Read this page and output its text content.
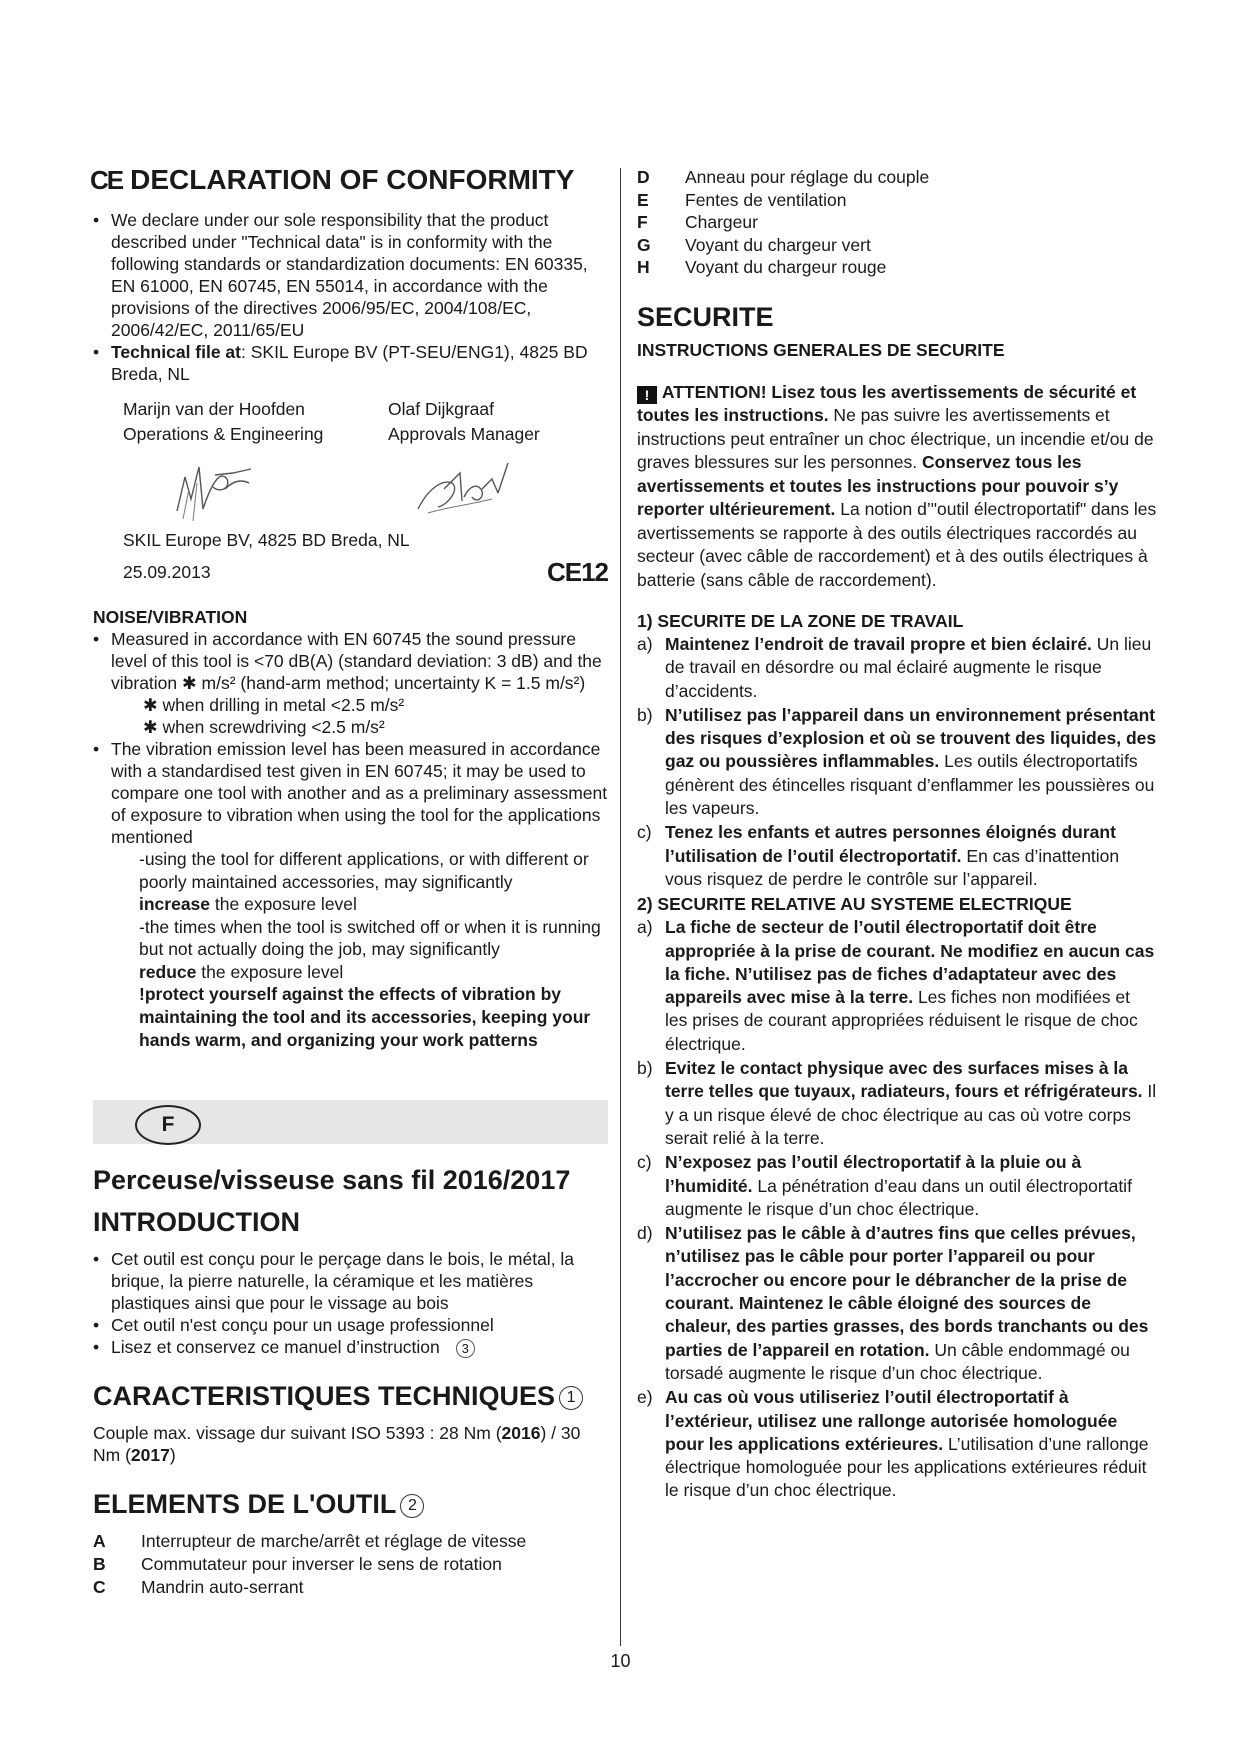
CE DECLARATION OF CONFORMITY
• We declare under our sole responsibility that the product described under "Technical data" is in conformity with the following standards or standardization documents: EN 60335, EN 61000, EN 60745, EN 55014, in accordance with the provisions of the directives 2006/95/EC, 2004/108/EC, 2006/42/EC, 2011/65/EU
• Technical file at: SKIL Europe BV (PT-SEU/ENG1), 4825 BD Breda, NL
Marijn van der Hoofden
Operations & Engineering
Olaf Dijkgraaf
Approvals Manager
SKIL Europe BV, 4825 BD Breda, NL
25.09.2013	CE12
NOISE/VIBRATION
• Measured in accordance with EN 60745 the sound pressure level of this tool is <70 dB(A) (standard deviation: 3 dB) and the vibration ✱ m/s² (hand-arm method; uncertainty K = 1.5 m/s²)
✱ when drilling in metal <2.5 m/s²
✱ when screwdriving <2.5 m/s²
• The vibration emission level has been measured in accordance with a standardised test given in EN 60745; it may be used to compare one tool with another and as a preliminary assessment of exposure to vibration when using the tool for the applications mentioned
-using the tool for different applications, or with different or poorly maintained accessories, may significantly
increase the exposure level
-the times when the tool is switched off or when it is running but not actually doing the job, may significantly
reduce the exposure level
!protect yourself against the effects of vibration by maintaining the tool and its accessories, keeping your hands warm, and organizing your work patterns
F
Perceuse/visseuse sans fil 2016/2017
INTRODUCTION
• Cet outil est conçu pour le perçage dans le bois, le métal, la brique, la pierre naturelle, la céramique et les matières plastiques ainsi que pour le vissage au bois
• Cet outil n'est conçu pour un usage professionnel
• Lisez et conservez ce manuel d’instruction 3
CARACTERISTIQUES TECHNIQUES 1
Couple max. vissage dur suivant ISO 5393 : 28 Nm (2016) / 30 Nm (2017)
ELEMENTS DE L'OUTIL 2
A	Interrupteur de marche/arrêt et réglage de vitesse
B	Commutateur pour inverser le sens de rotation
C	Mandrin auto-serrant
D	Anneau pour réglage du couple
E	Fentes de ventilation
F	Chargeur
G	Voyant du chargeur vert
H	Voyant du chargeur rouge
SECURITE
INSTRUCTIONS GENERALES DE SECURITE
! ATTENTION! Lisez tous les avertissements de sécurité et toutes les instructions. Ne pas suivre les avertissements et instructions peut entraîner un choc électrique, un incendie et/ou de graves blessures sur les personnes. Conservez tous les avertissements et toutes les instructions pour pouvoir s’y reporter ultérieurement. La notion d’"outil électroportatif" dans les avertissements se rapporte à des outils électriques raccordés au secteur (avec câble de raccordement) et à des outils électriques à batterie (sans câble de raccordement).
1) SECURITE DE LA ZONE DE TRAVAIL
a) Maintenez l’endroit de travail propre et bien éclairé. Un lieu de travail en désordre ou mal éclairé augmente le risque d’accidents.
b) N’utilisez pas l’appareil dans un environnement présentant des risques d’explosion et où se trouvent des liquides, des gaz ou poussières inflammables. Les outils électroportatifs génèrent des étincelles risquant d’enflammer les poussières ou les vapeurs.
c) Tenez les enfants et autres personnes éloignés durant l’utilisation de l’outil électroportatif. En cas d’inattention vous risquez de perdre le contrôle sur l’appareil.
2) SECURITE RELATIVE AU SYSTEME ELECTRIQUE
a) La fiche de secteur de l’outil électroportatif doit être appropriée à la prise de courant. Ne modifiez en aucun cas la fiche. N’utilisez pas de fiches d’adaptateur avec des appareils avec mise à la terre. Les fiches non modifiées et les prises de courant appropriées réduisent le risque de choc électrique.
b) Evitez le contact physique avec des surfaces mises à la terre telles que tuyaux, radiateurs, fours et réfrigérateurs. Il y a un risque élevé de choc électrique au cas où votre corps serait relié à la terre.
c) N’exposez pas l’outil électroportatif à la pluie ou à l’humidité. La pénétration d’eau dans un outil électroportatif augmente le risque d’un choc électrique.
d) N’utilisez pas le câble à d’autres fins que celles prévues, n’utilisez pas le câble pour porter l’appareil ou pour l’accrocher ou encore pour le débrancher de la prise de courant. Maintenez le câble éloigné des sources de chaleur, des parties grasses, des bords tranchants ou des parties de l’appareil en rotation. Un câble endommagé ou torsadé augmente le risque d’un choc électrique.
e) Au cas où vous utiliseriez l’outil électroportatif à l’extérieur, utilisez une rallonge autorisée homologuée pour les applications extérieures. L’utilisation d’une rallonge électrique homologuée pour les applications extérieures réduit le risque d’un choc électrique.
10
